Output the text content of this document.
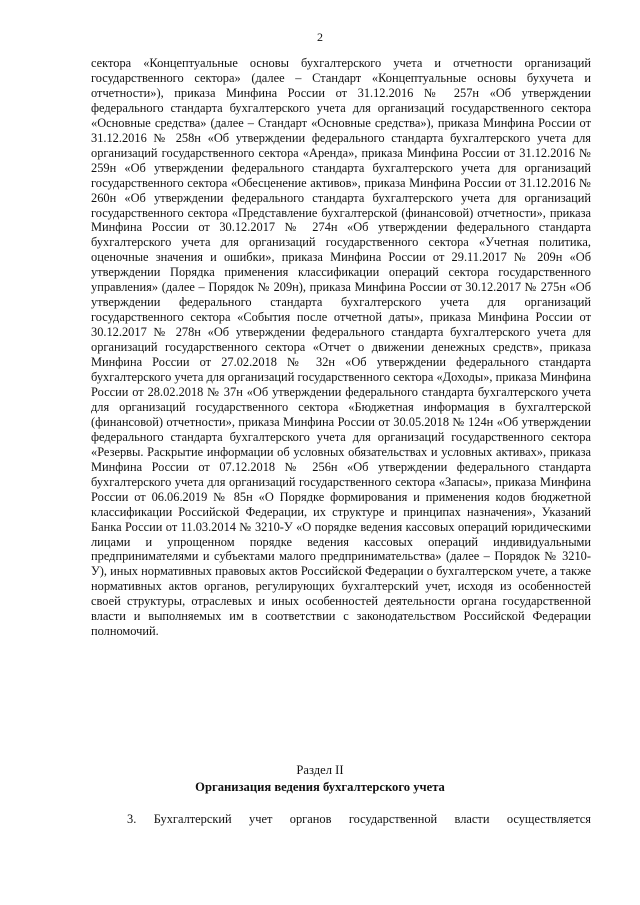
2

сектора «Концептуальные основы бухгалтерского учета и отчетности организаций государственного сектора» (далее – Стандарт «Концептуальные основы бухучета и отчетности»), приказа Минфина России от 31.12.2016 № 257н «Об утверждении федерального стандарта бухгалтерского учета для организаций государственного сектора «Основные средства» (далее – Стандарт «Основные средства»), приказа Минфина России от 31.12.2016 № 258н «Об утверждении федерального стандарта бухгалтерского учета для организаций государственного сектора «Аренда», приказа Минфина России от 31.12.2016 № 259н «Об утверждении федерального стандарта бухгалтерского учета для организаций государственного сектора «Обесценение активов», приказа Минфина России от 31.12.2016 № 260н «Об утверждении федерального стандарта бухгалтерского учета для организаций государственного сектора «Представление бухгалтерской (финансовой) отчетности», приказа Минфина России от 30.12.2017 № 274н «Об утверждении федерального стандарта бухгалтерского учета для организаций государственного сектора «Учетная политика, оценочные значения и ошибки», приказа Минфина России от 29.11.2017 № 209н «Об утверждении Порядка применения классификации операций сектора государственного управления» (далее – Порядок № 209н), приказа Минфина России от 30.12.2017 № 275н «Об утверждении федерального стандарта бухгалтерского учета для организаций государственного сектора «События после отчетной даты», приказа Минфина России от 30.12.2017 № 278н «Об утверждении федерального стандарта бухгалтерского учета для организаций государственного сектора «Отчет о движении денежных средств», приказа Минфина России от 27.02.2018 № 32н «Об утверждении федерального стандарта бухгалтерского учета для организаций государственного сектора «Доходы», приказа Минфина России от 28.02.2018 № 37н «Об утверждении федерального стандарта бухгалтерского учета для организаций государственного сектора «Бюджетная информация в бухгалтерской (финансовой) отчетности», приказа Минфина России от 30.05.2018 № 124н «Об утверждении федерального стандарта бухгалтерского учета для организаций государственного сектора «Резервы. Раскрытие информации об условных обязательствах и условных активах», приказа Минфина России от 07.12.2018 № 256н «Об утверждении федерального стандарта бухгалтерского учета для организаций государственного сектора «Запасы», приказа Минфина России от 06.06.2019 № 85н «О Порядке формирования и применения кодов бюджетной классификации Российской Федерации, их структуре и принципах назначения», Указаний Банка России от 11.03.2014 № 3210-У «О порядке ведения кассовых операций юридическими лицами и упрощенном порядке ведения кассовых операций индивидуальными предпринимателями и субъектами малого предпринимательства» (далее – Порядок № 3210-У), иных нормативных правовых актов Российской Федерации о бухгалтерском учете, а также нормативных актов органов, регулирующих бухгалтерский учет, исходя из особенностей своей структуры, отраслевых и иных особенностей деятельности органа государственной власти и выполняемых им в соответствии с законодательством Российской Федерации полномочий.

Раздел II
Организация ведения бухгалтерского учета

3. Бухгалтерский учет органов государственной власти осуществляется
